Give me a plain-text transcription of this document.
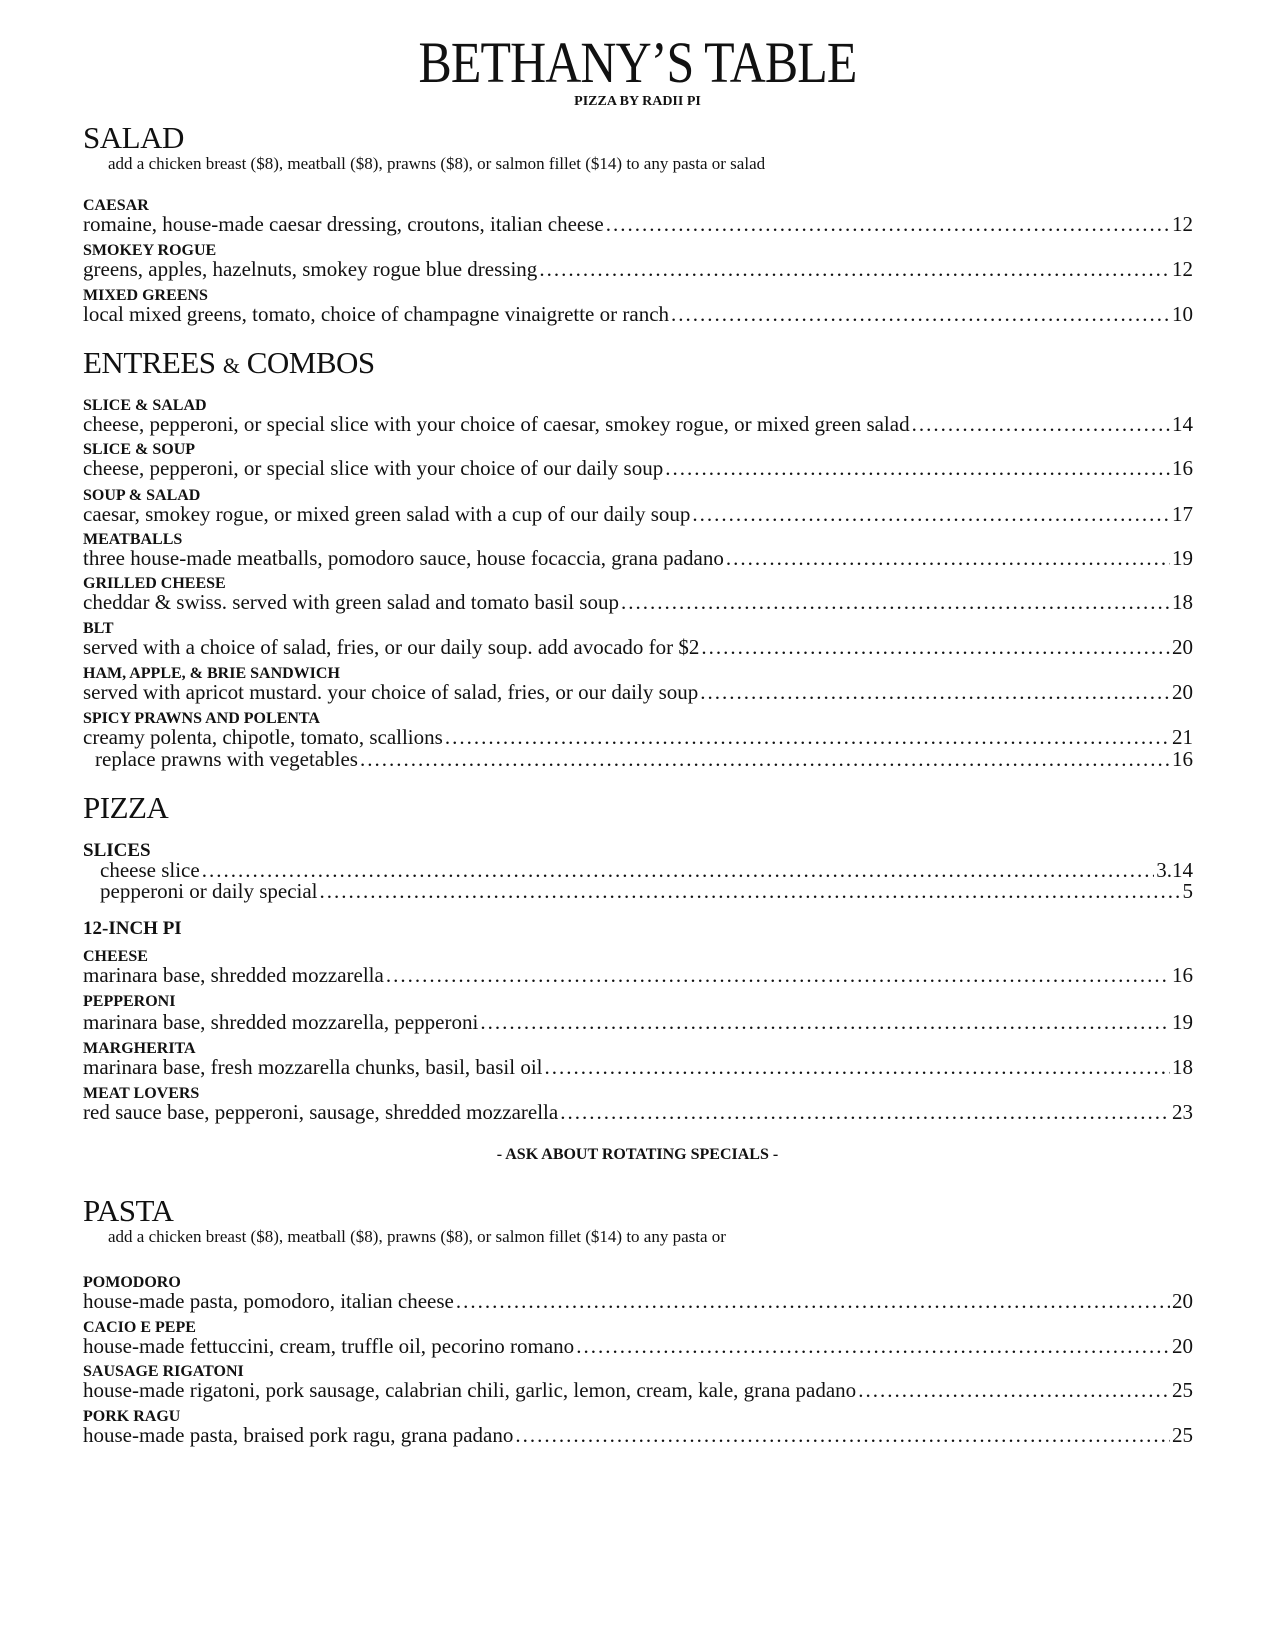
BETHANY’S TABLE
PIZZA BY RADII PI
SALAD
add a chicken breast ($8), meatball ($8), prawns ($8), or salmon fillet ($14) to any pasta or salad
CAESAR
romaine, house-made caesar dressing, croutons, italian cheese .....	12
SMOKEY ROGUE
greens, apples, hazelnuts, smokey rogue blue dressing .....	12
MIXED GREENS
local mixed greens, tomato, choice of champagne vinaigrette or ranch .....	10
ENTREES & COMBOS
SLICE & SALAD
cheese, pepperoni, or special slice with your choice of caesar, smokey rogue, or mixed green salad .....	14
SLICE & SOUP
cheese, pepperoni, or special slice with your choice of our daily soup .....	16
SOUP & SALAD
caesar, smokey rogue, or mixed green salad with a cup of our daily soup .....	17
MEATBALLS
three house-made meatballs, pomodoro sauce, house focaccia, grana padano .....	19
GRILLED CHEESE
cheddar & swiss. served with green salad and tomato basil soup .....	18
BLT
served with a choice of salad, fries, or our daily soup. add avocado for $2 .....	20
HAM, APPLE, & BRIE SANDWICH
served with apricot mustard. your choice of salad, fries, or our daily soup .....	20
SPICY PRAWNS AND POLENTA
creamy polenta, chipotle, tomato, scallions .....	21
replace prawns with vegetables .....	16
PIZZA
SLICES
cheese slice .....	3.14
pepperoni or daily special .....	5
12-INCH PI
CHEESE
marinara base, shredded mozzarella .....	16
PEPPERONI
marinara base, shredded mozzarella, pepperoni .....	19
MARGHERITA
marinara base, fresh mozzarella chunks, basil, basil oil .....	18
MEAT LOVERS
red sauce base, pepperoni, sausage, shredded mozzarella .....	23
- ASK ABOUT ROTATING SPECIALS -
PASTA
add a chicken breast ($8), meatball ($8), prawns ($8), or salmon fillet ($14) to any pasta or
POMODORO
house-made pasta, pomodoro, italian cheese .....	20
CACIO E PEPE
house-made fettuccini, cream, truffle oil, pecorino romano .....	20
SAUSAGE RIGATONI
house-made rigatoni, pork sausage, calabrian chili, garlic, lemon, cream, kale, grana padano .....	25
PORK RAGU
house-made pasta, braised pork ragu, grana padano .....	25
